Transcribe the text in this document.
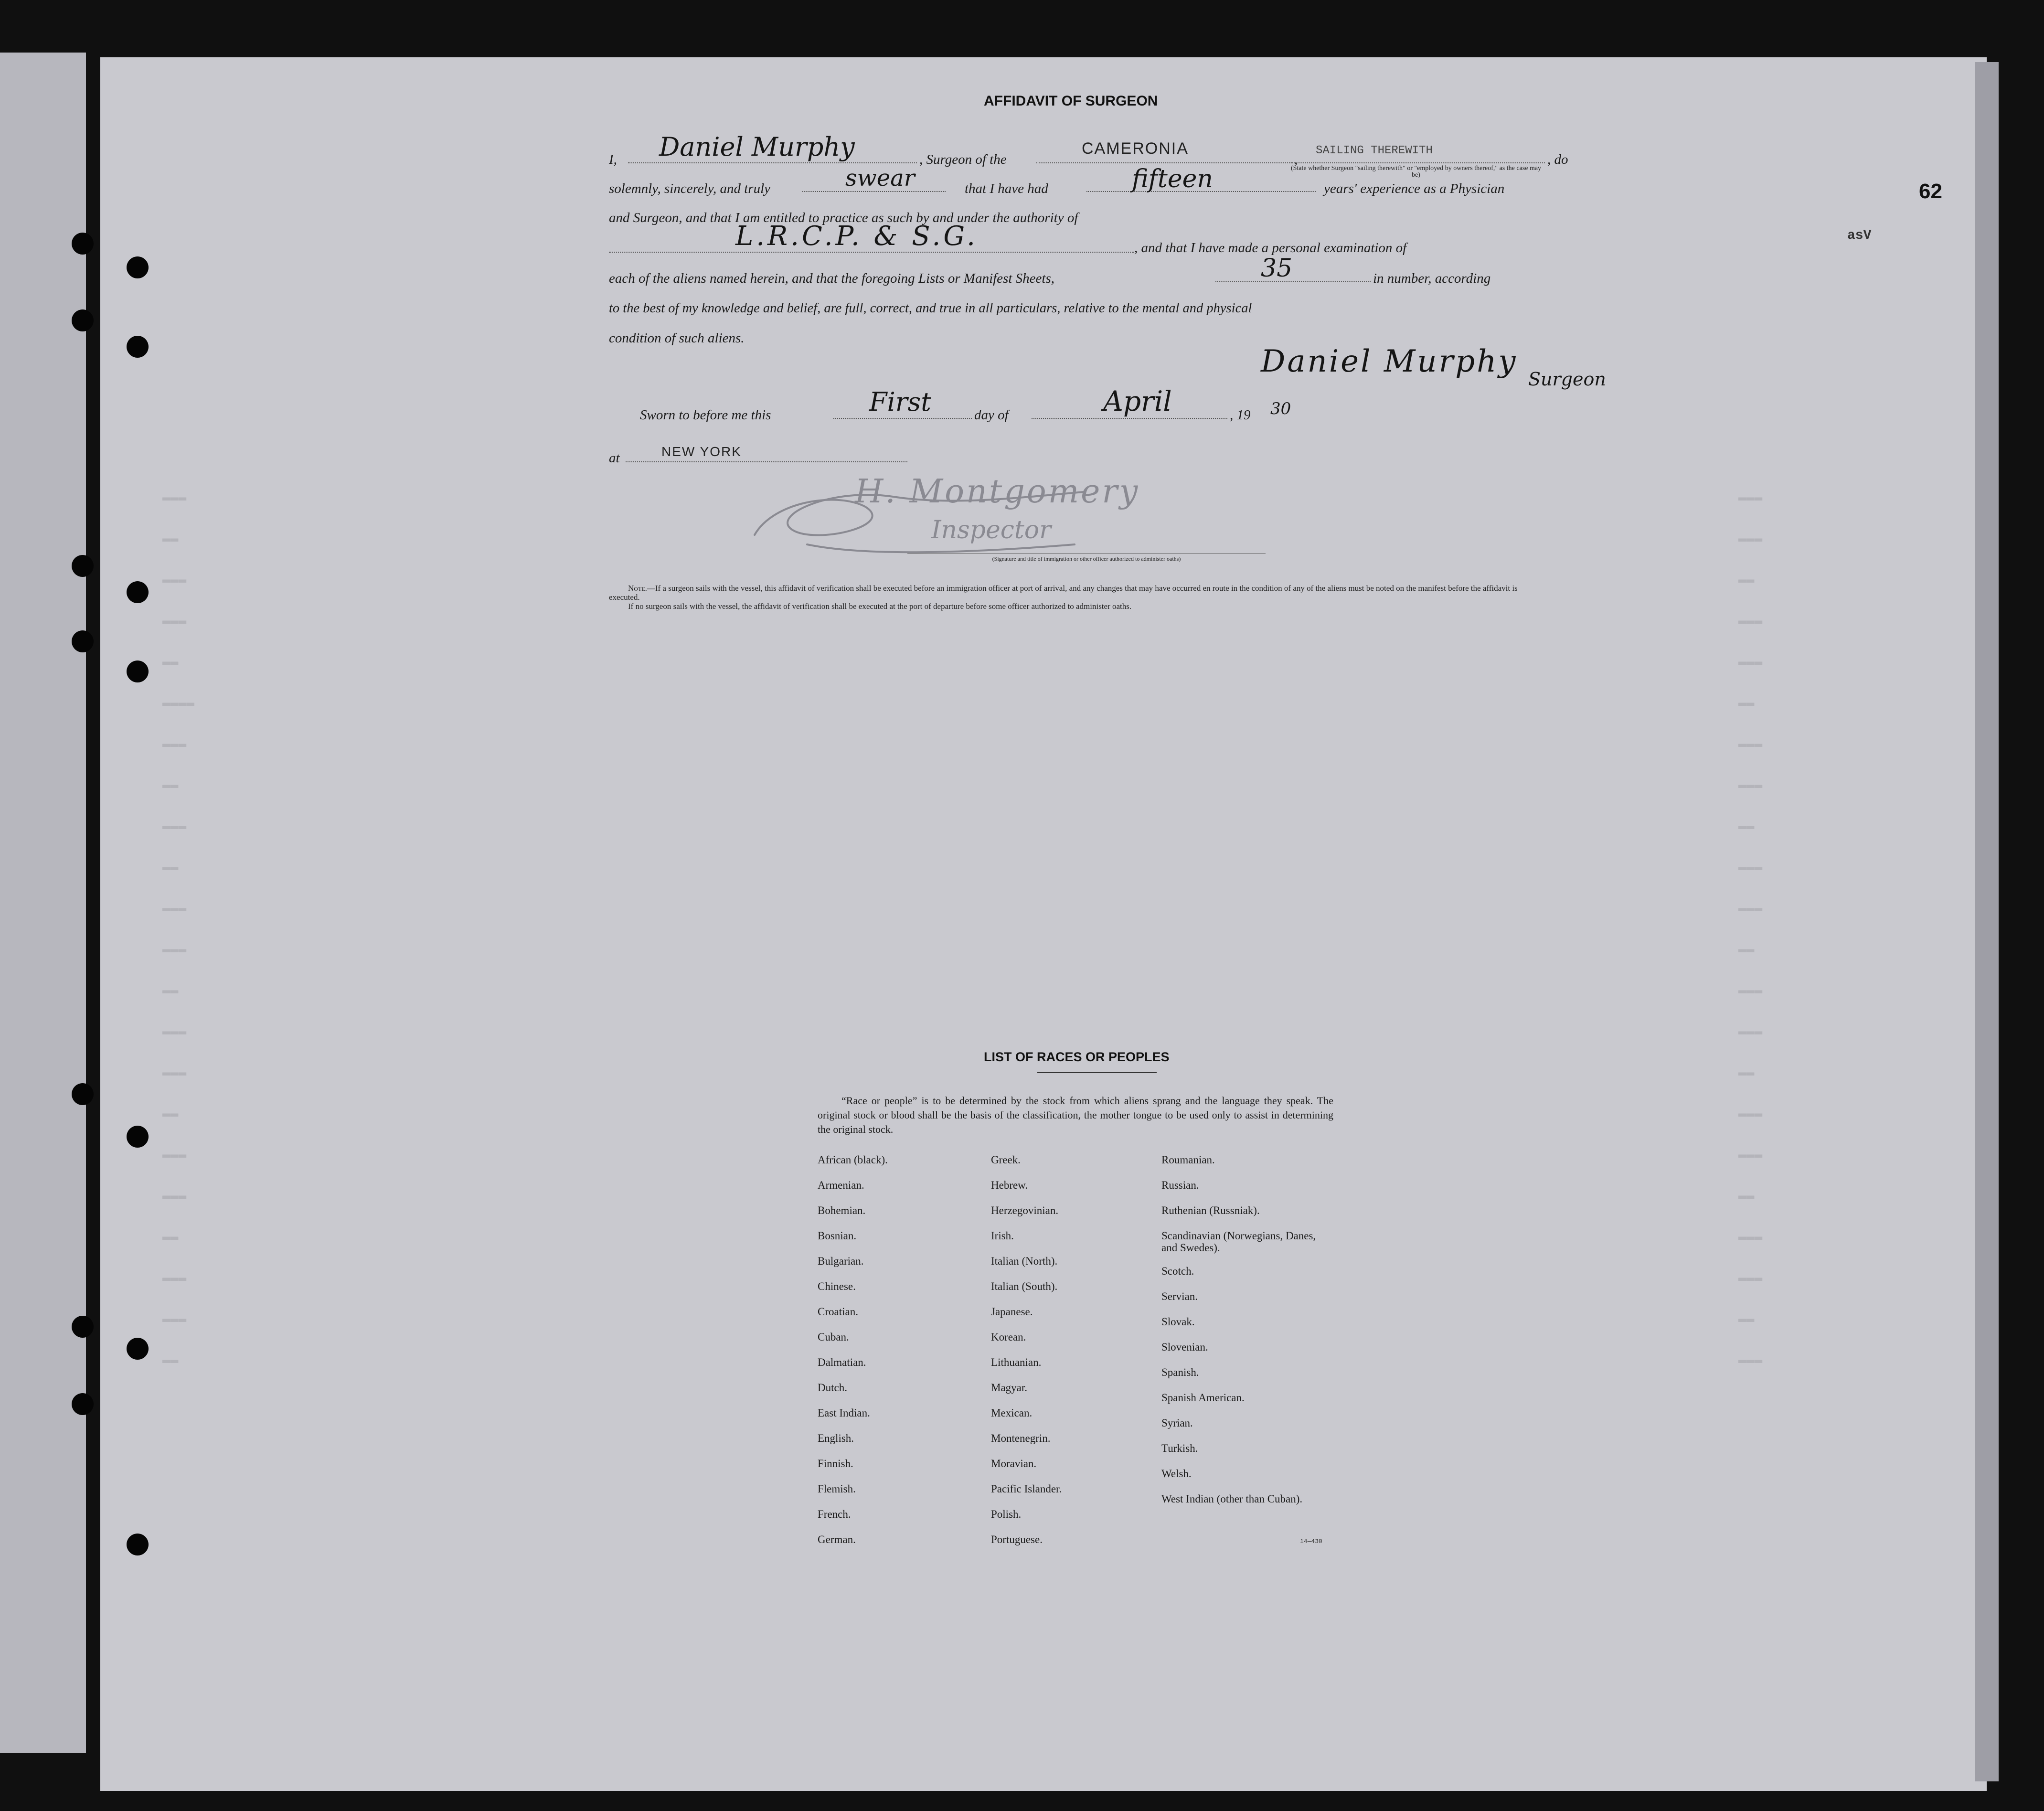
▬▬▬
▬▬
▬▬▬
▬▬▬
▬▬
▬▬▬▬
▬▬▬
▬▬
▬▬▬
▬▬
▬▬▬
▬▬▬
▬▬
▬▬▬
▬▬▬
▬▬
▬▬▬
▬▬▬
▬▬
▬▬▬
▬▬▬
▬▬
▬▬▬
▬▬▬
▬▬
▬▬▬
▬▬▬
▬▬
▬▬▬
▬▬▬
▬▬
▬▬▬
▬▬▬
▬▬
▬▬▬
▬▬▬
▬▬
▬▬▬
▬▬▬
▬▬
▬▬▬
▬▬▬
▬▬
▬▬▬
62
asV
AFFIDAVIT OF SURGEON
I, Daniel Murphy	, Surgeon of the
CAMERONIA
,
SAILING THEREWITH
(State whether Surgeon "sailing therewith" or "employed by owners thereof," as the case may be)
, do
solemnly, sincerely, and truly	swear	that I have had	fifteen	years' experience as a Physician
and Surgeon, and that I am entitled to practice as such by and under the authority of
L.R.C.P. & S.G.	, and that I have made a personal examination of
each of the aliens named herein, and that the foregoing Lists or Manifest Sheets,	35	in number, according
to the best of my knowledge and belief, are full, correct, and true in all particulars, relative to the mental and physical
condition of such aliens.
Daniel Murphy Surgeon
Sworn to before me this	First	day of	April	, 19 30
at	NEW YORK
H. Montgomery
Inspector
(Signature and title of immigration or other officer authorized to administer oaths)
Note.—If a surgeon sails with the vessel, this affidavit of verification shall be executed before an immigration officer at port of arrival, and any changes that may have occurred en route in the condition of any of the aliens must be noted on the manifest before the affidavit is executed.
If no surgeon sails with the vessel, the affidavit of verification shall be executed at the port of departure before some officer authorized to administer oaths.
LIST OF RACES OR PEOPLES
“Race or people” is to be determined by the stock from which aliens sprang and the language they speak. The original stock or blood shall be the basis of the classification, the mother tongue to be used only to assist in determining the original stock.
African (black).
Armenian.
Bohemian.
Bosnian.
Bulgarian.
Chinese.
Croatian.
Cuban.
Dalmatian.
Dutch.
East Indian.
English.
Finnish.
Flemish.
French.
German.
Greek.
Hebrew.
Herzegovinian.
Irish.
Italian (North).
Italian (South).
Japanese.
Korean.
Lithuanian.
Magyar.
Mexican.
Montenegrin.
Moravian.
Pacific Islander.
Polish.
Portuguese.
Roumanian.
Russian.
Ruthenian (Russniak).
Scandinavian (Norwegians, Danes, and Swedes).
Scotch.
Servian.
Slovak.
Slovenian.
Spanish.
Spanish American.
Syrian.
Turkish.
Welsh.
West Indian (other than Cuban).
14—430
